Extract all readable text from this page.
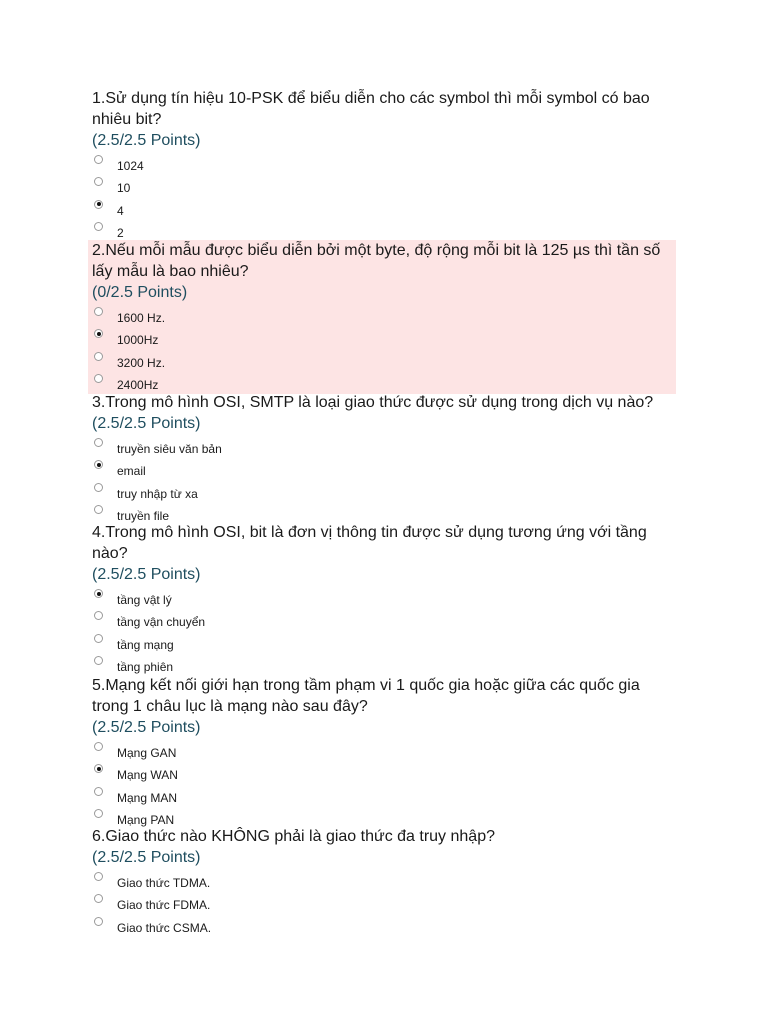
1.Sử dụng tín hiệu 10-PSK để biểu diễn cho các symbol thì mỗi symbol có bao nhiêu bit?

(2.5/2.5 Points)

1024
10
4
2

2.Nếu mỗi mẫu được biểu diễn bởi một byte, độ rộng mỗi bit là 125 µs thì tần số lấy mẫu là bao nhiêu?

(0/2.5 Points)

1600 Hz.
1000Hz
3200 Hz.
2400Hz

3.Trong mô hình OSI, SMTP là loại giao thức được sử dụng trong dịch vụ nào?

(2.5/2.5 Points)

truyền siêu văn bản
email
truy nhập từ xa
truyền file

4.Trong mô hình OSI, bit là đơn vị thông tin được sử dụng tương ứng với tầng nào?

(2.5/2.5 Points)

tầng vật lý
tầng vận chuyển
tầng mạng
tầng phiên

5.Mạng kết nối giới hạn trong tầm phạm vi 1 quốc gia hoặc giữa các quốc gia trong 1 châu lục là mạng nào sau đây?

(2.5/2.5 Points)

Mạng GAN
Mạng WAN
Mạng MAN
Mạng PAN

6.Giao thức nào KHÔNG phải là giao thức đa truy nhập?

(2.5/2.5 Points)

Giao thức TDMA.
Giao thức FDMA.
Giao thức CSMA.
